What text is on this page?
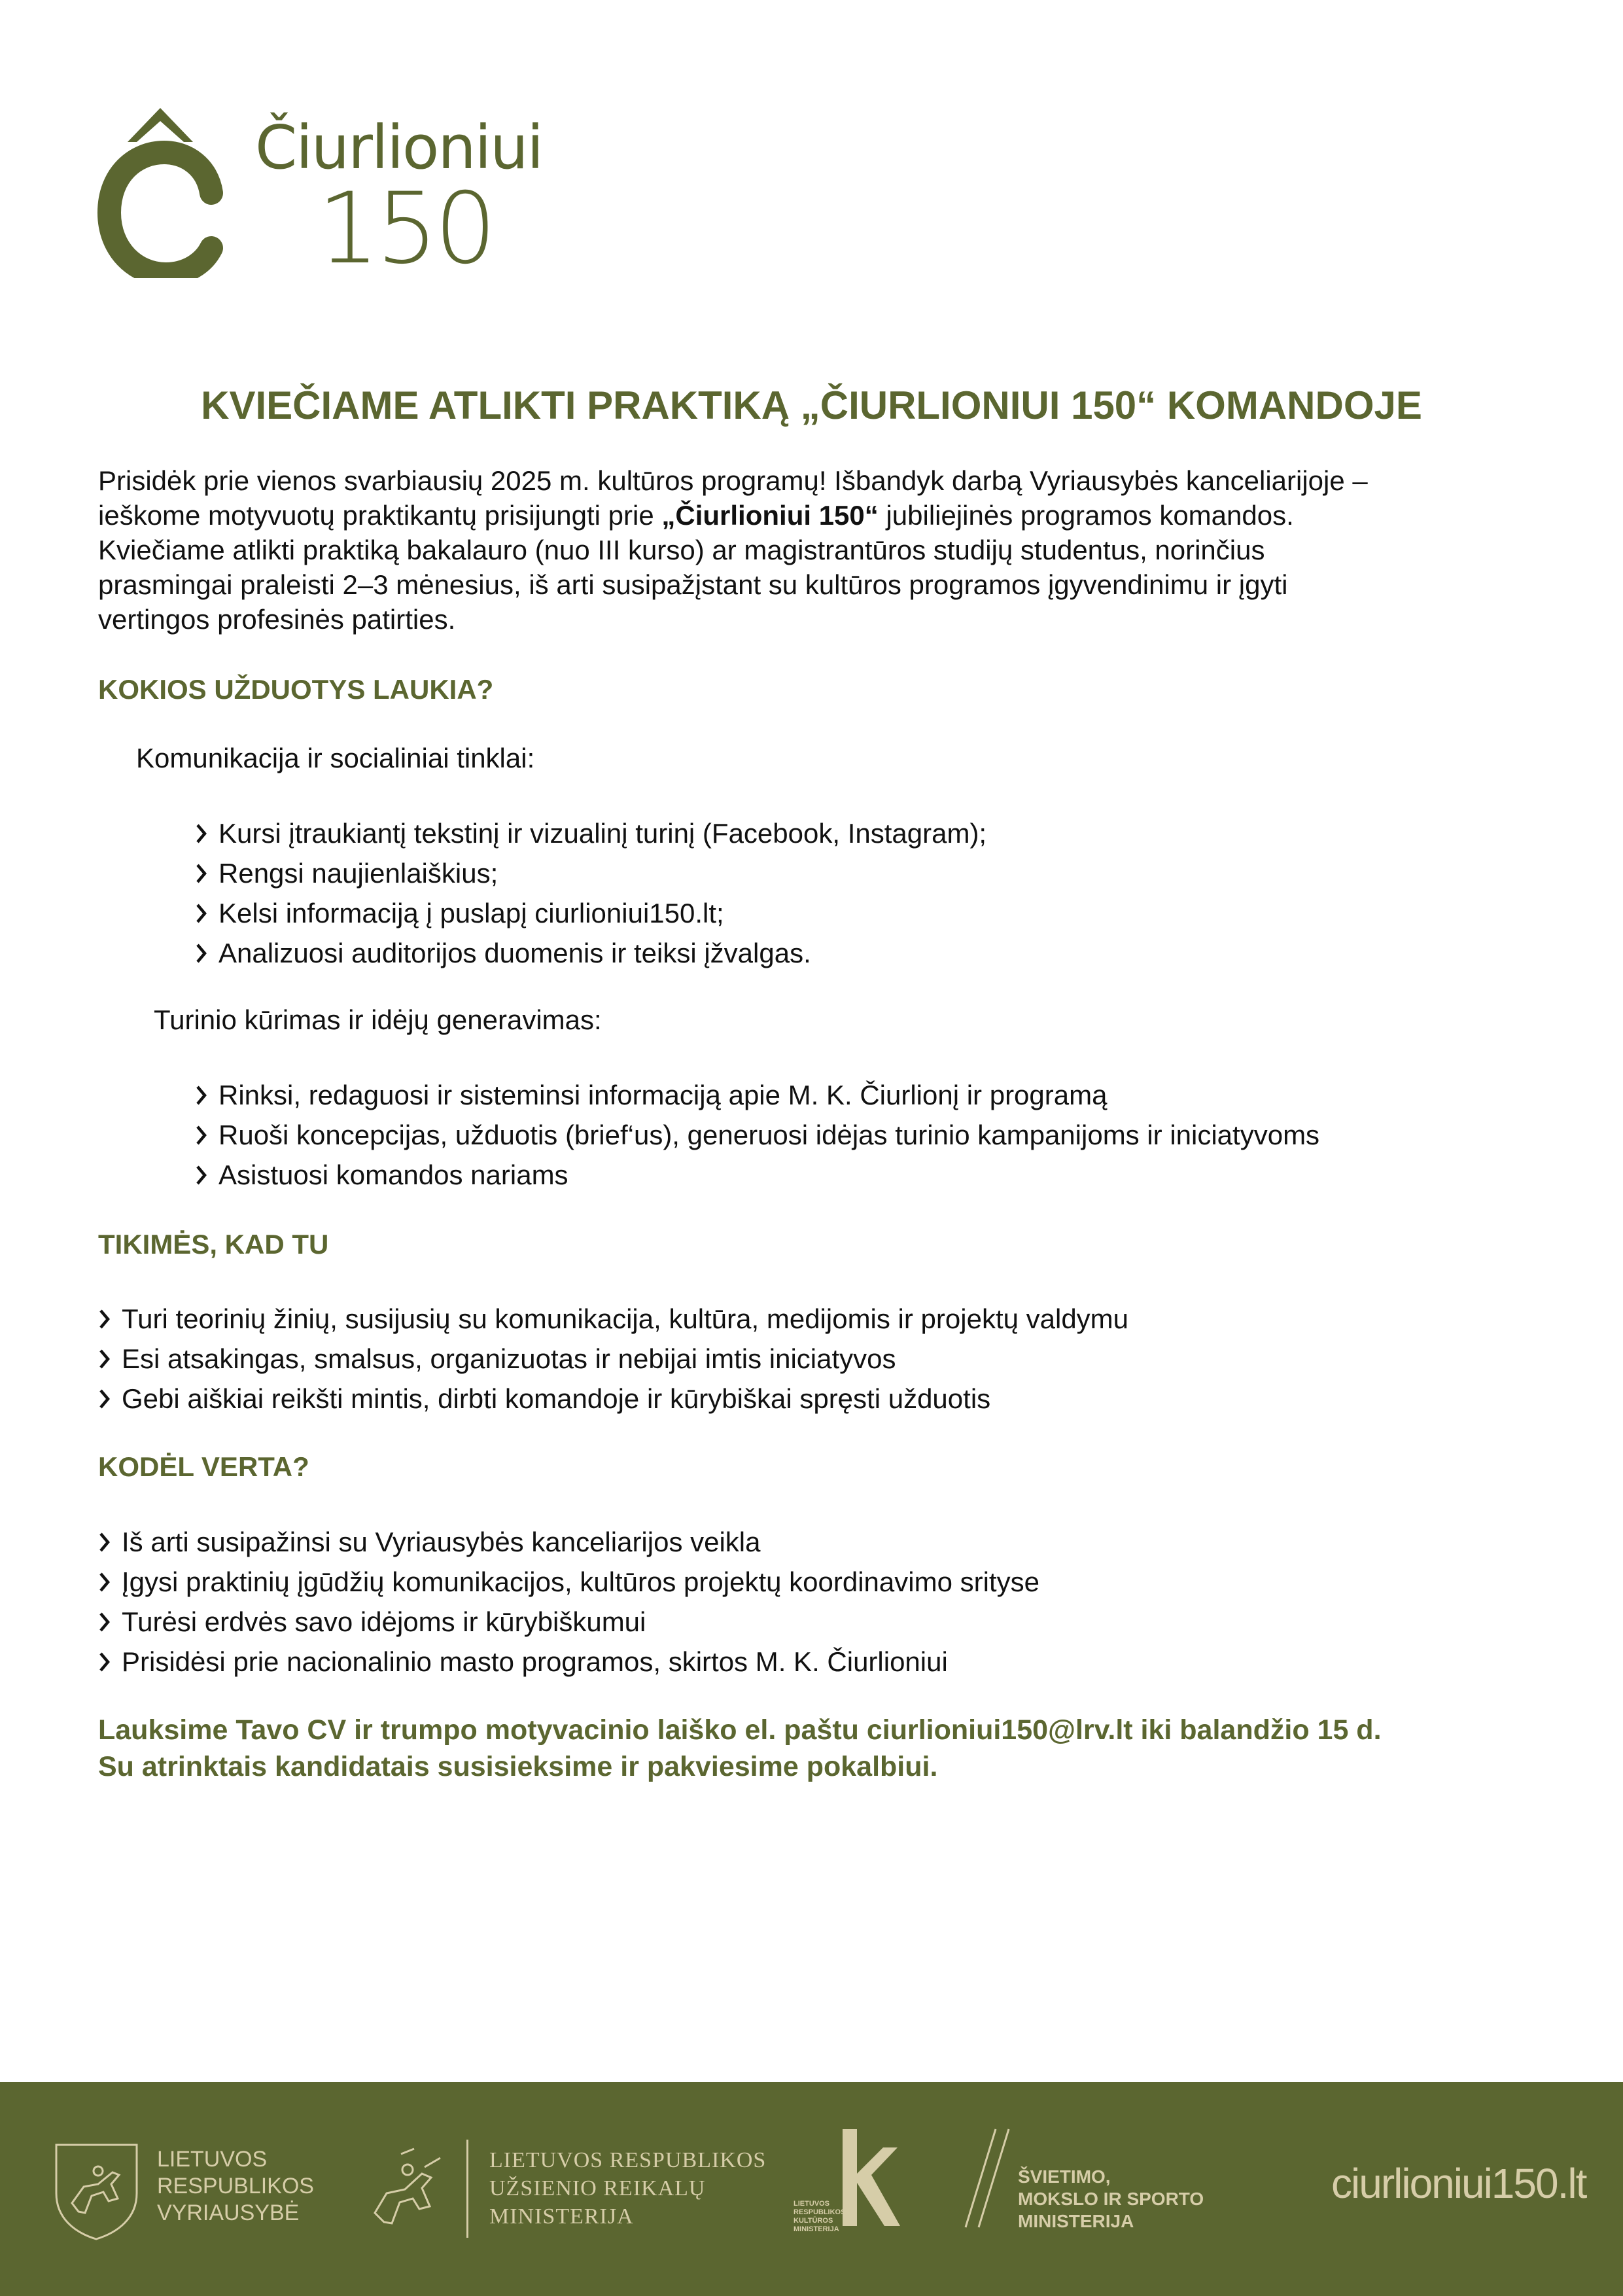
Čiurlioniui
150
KVIEČIAME ATLIKTI PRAKTIKĄ „ČIURLIONIUI 150“ KOMANDOJE

Prisidėk prie vienos svarbiausių 2025 m. kultūros programų! Išbandyk darbą Vyriausybės kanceliarijoje –

ieškome motyvuotų praktikantų prisijungti prie „Čiurlioniui 150“ jubiliejinės programos komandos.

Kviečiame atlikti praktiką bakalauro (nuo III kurso) ar magistrantūros studijų studentus, norinčius

prasmingai praleisti 2–3 mėnesius, iš arti susipažįstant su kultūros programos įgyvendinimu ir įgyti

vertingos profesinės patirties.

KOKIOS UŽDUOTYS LAUKIA?
Komunikacija ir socialiniai tinklai:
Kursi įtraukiantį tekstinį ir vizualinį turinį (Facebook, Instagram);
Rengsi naujienlaiškius;
Kelsi informaciją į puslapį ciurlioniui150.lt;
Analizuosi auditorijos duomenis ir teiksi įžvalgas.
Turinio kūrimas ir idėjų generavimas:
Rinksi, redaguosi ir sisteminsi informaciją apie M. K. Čiurlionį ir programą
Ruoši koncepcijas, užduotis (brief‘us), generuosi idėjas turinio kampanijoms ir iniciatyvoms
Asistuosi komandos nariams
TIKIMĖS, KAD TU
Turi teorinių žinių, susijusių su komunikacija, kultūra, medijomis ir projektų valdymu
Esi atsakingas, smalsus, organizuotas ir nebijai imtis iniciatyvos
Gebi aiškiai reikšti mintis, dirbti komandoje ir kūrybiškai spręsti užduotis
KODĖL VERTA?
Iš arti susipažinsi su Vyriausybės kanceliarijos veikla
Įgysi praktinių įgūdžių komunikacijos, kultūros projektų koordinavimo srityse
Turėsi erdvės savo idėjoms ir kūrybiškumui
Prisidėsi prie nacionalinio masto programos, skirtos M. K. Čiurlioniui

Lauksime Tavo CV ir trumpo motyvacinio laiško el. paštu ciurlioniui150@lrv.lt iki balandžio 15 d.

Su atrinktais kandidatais susisieksime ir pakviesime pokalbiui.

LIETUVOS
RESPUBLIKOS
VYRIAUSYBĖ
LIETUVOS RESPUBLIKOS
UŽSIENIO REIKALŲ
MINISTERIJA
LIETUVOS
RESPUBLIKOS
KULTŪROS
MINISTERIJA
ŠVIETIMO,
MOKSLO IR SPORTO
MINISTERIJA
ciurlioniui150.lt
